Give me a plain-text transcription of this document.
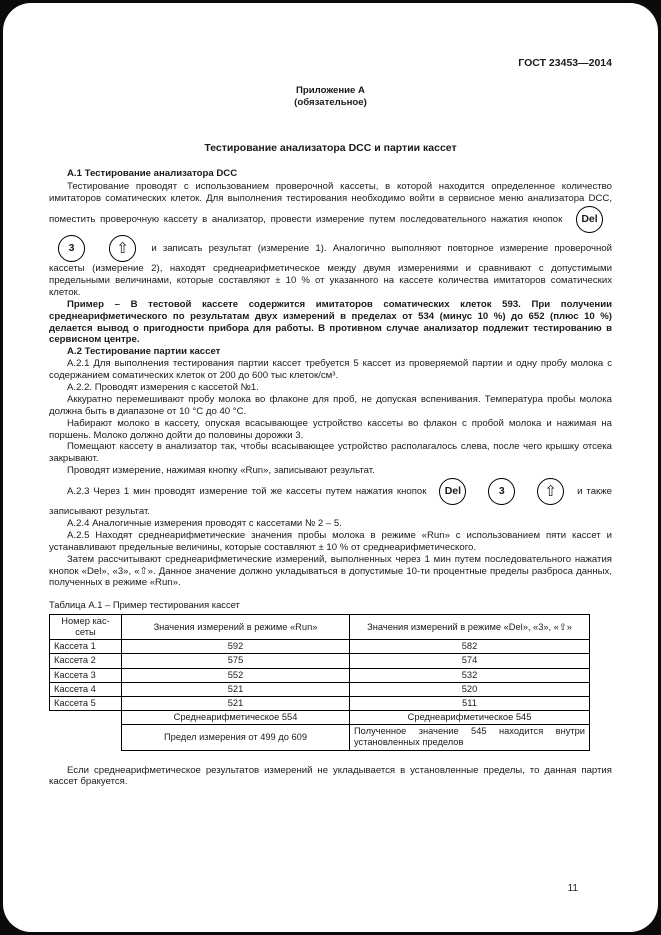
ГОСТ 23453—2014
Приложение А
(обязательное)
Тестирование анализатора DCC и партии кассет

А.1 Тестирование анализатора DCC

Тестирование проводят с использованием проверочной кассеты, в которой находится определенное количество имитаторов соматических клеток. Для выполнения тестирования необходимо войти в сервисное меню анализатора DCC, поместить проверочную кассету в анализатор, провести измерение путем последовательного нажатия кнопок Del 3	⇧ и записать результат (измерение 1). Аналогично выполняют повторное измерение проверочной кассеты (измерение 2), находят среднеарифметическое между двумя измерениями и сравнивают с допустимыми предельными величинами, которые составляют ± 10 % от указанного на кассете количества имитаторов соматических клеток.

Пример – В тестовой кассете содержится имитаторов соматических клеток 593. При получении среднеарифметического по результатам двух измерений в пределах от 534 (минус 10 %) до 652 (плюс 10 %) делается вывод о пригодности прибора для работы. В противном случае анализатор подлежит тестированию в сервисном центре.

А.2 Тестирование партии кассет

А.2.1 Для выполнения тестирования партии кассет требуется 5 кассет из проверяемой партии и одну пробу молока с содержанием соматических клеток от 200 до 600 тыс клеток/см³.

А.2.2. Проводят измерения с кассетой №1.

Аккуратно перемешивают пробу молока во флаконе для проб, не допуская вспенивания. Температура пробы молока должна быть в диапазоне от 10 °С до 40 °С.

Набирают молоко в кассету, опуская всасывающее устройство кассеты во флакон с пробой молока и нажимая на поршень. Молоко должно дойти до половины дорожки 3.

Помещают кассету в анализатор так, чтобы всасывающее устройство располагалось слева, после чего крышку отсека закрывают.

Проводят измерение, нажимая кнопку «Run», записывают результат.

А.2.3 Через 1 мин проводят измерение той же кассеты путем нажатия кнопок Del	3	⇧ и также записывают результат.

А.2.4 Аналогичные измерения проводят с кассетами № 2 – 5.

А.2.5 Находят среднеарифметические значения пробы молока в режиме «Run» с использованием пяти кассет и устанавливают предельные величины, которые составляют ± 10 % от среднеарифметического.

Затем рассчитывают среднеарифметические измерений, выполненных через 1 мин путем последовательного нажатия кнопок «Del», «3», «⇧». Данное значение должно укладываться в допустимые 10-ти процентные пределы разброса данных, полученных в режиме «Run».

Таблица А.1 – Пример тестирования кассет

Номер кас-сеты	Значения измерений в режиме «Run»	Значения измерений в режиме «Del», «3», «⇧»
Кассета 1	592	582
Кассета 2	575	574
Кассета 3	552	532
Кассета 4	521	520
Кассета 5	521	511
	Среднеарифметическое 554	Среднеарифметическое 545
	Предел измерения от 499 до 609	Полученное значение 545 находится внутри установленных пределов

Если среднеарифметическое результатов измерений не укладывается в установленные пределы, то данная партия кассет бракуется.

11
